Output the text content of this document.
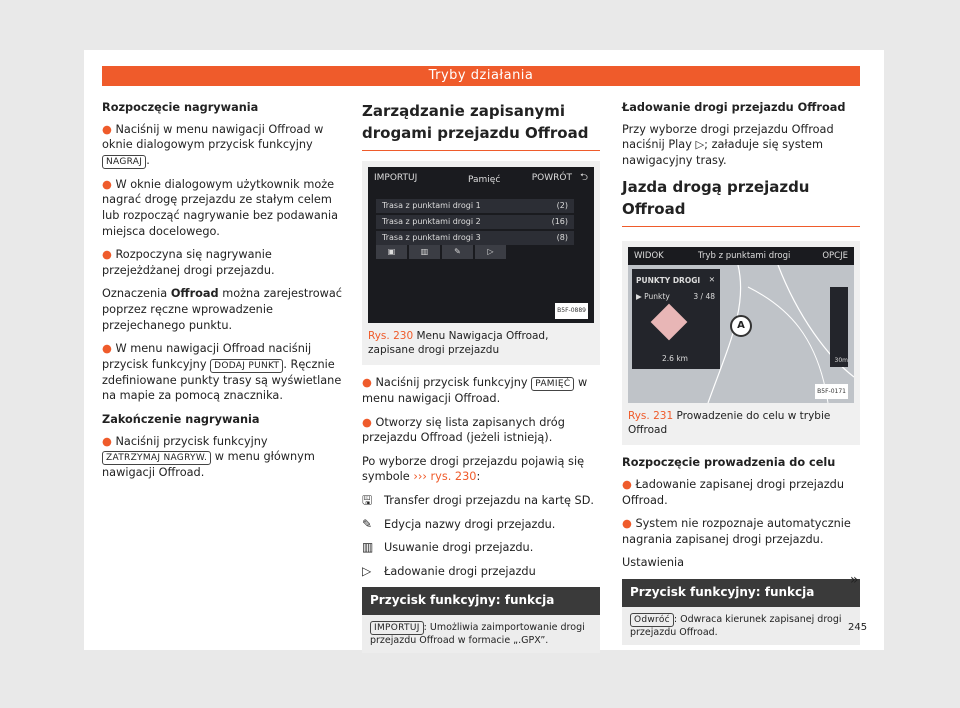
Tryby działania
Rozpoczęcie nagrywania
● Naciśnij w menu nawigacji Offroad w oknie dialogowym przycisk funkcyjny NAGRAJ .
● W oknie dialogowym użytkownik może nagrać drogę przejazdu ze stałym celem lub rozpocząć nagrywanie bez podawania miejsca docelowego.
● Rozpoczyna się nagrywanie przejeżdżanej drogi przejazdu.

Oznaczenia Offroad można zarejestrować poprzez ręczne wprowadzenie przejechanego punktu.

● W menu nawigacji Offroad naciśnij przycisk funkcyjny DODAJ PUNKT . Ręcznie zdefiniowane punkty trasy są wyświetlane na mapie za pomocą znacznika.
Zakończenie nagrywania
● Naciśnij przycisk funkcyjny ZATRZYMAJ NAGRYW. w menu głównym nawigacji Offroad.
Zarządzanie zapisanymi drogami przejazdu Offroad
IMPORTUJ	Pamięć	POWRÓT ⮌
Trasa z punktami drogi 1	(2)
Trasa z punktami drogi 2	(16)
Trasa z punktami drogi 3	(8)
▣	▥	✎	▷
B5F-0889
Rys. 230 Menu Nawigacja Offroad, zapisane drogi przejazdu
● Naciśnij przycisk funkcyjny PAMIĘĆ w menu nawigacji Offroad.
● Otworzy się lista zapisanych dróg przejazdu Offroad (jeżeli istnieją).

Po wyborze drogi przejazdu pojawią się symbole ››› rys. 230:

🖫	Transfer drogi przejazdu na kartę SD.
✎	Edycja nazwy drogi przejazdu.
▥ Usuwanie drogi przejazdu.
▷	Ładowanie drogi przejazdu
Przycisk funkcyjny: funkcja
IMPORTUJ : Umożliwia zaimportowanie drogi przejazdu Offroad w formacie „.GPX”.
Ładowanie drogi przejazdu Offroad

Przy wyborze drogi przejazdu Offroad naciśnij Play ▷; załaduje się system nawigacyjny trasy.

Jazda drogą przejazdu Offroad
WIDOK	Tryb z punktami drogi	OPCJE
PUNKTY DROGI ✕
▶ Punkty	3 / 48
2.6 km
A
30m
B5F-0171
Rys. 231 Prowadzenie do celu w trybie Offroad
Rozpoczęcie prowadzenia do celu
● Ładowanie zapisanej drogi przejazdu Offroad.
● System nie rozpoznaje automatycznie nagrania zapisanej drogi przejazdu.

Ustawienia

Przycisk funkcyjny: funkcja
Odwróć : Odwraca kierunek zapisanej drogi przejazdu Offroad.
»
245
